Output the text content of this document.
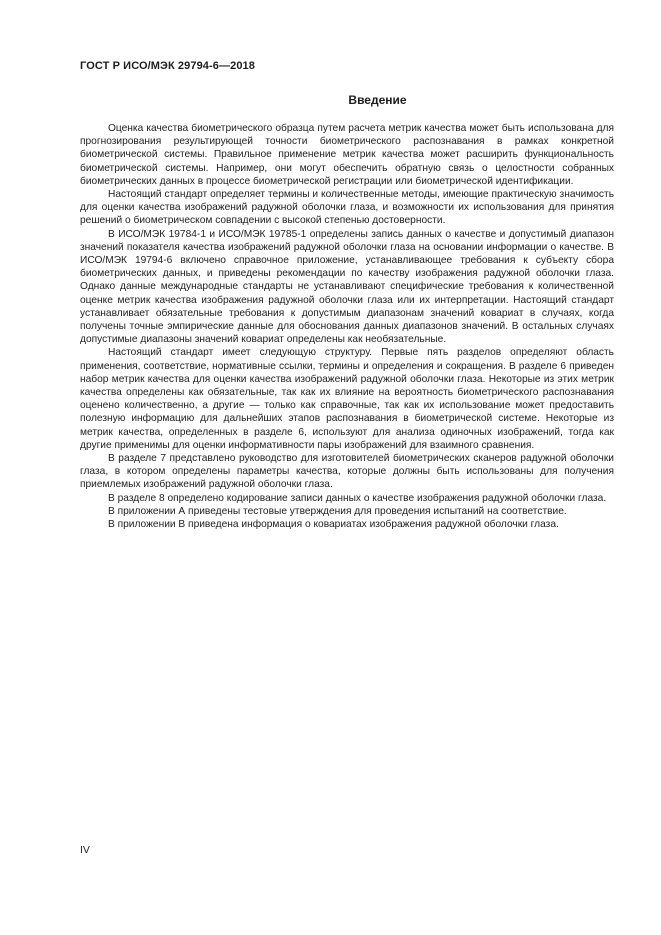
ГОСТ Р ИСО/МЭК 29794-6—2018
Введение

Оценка качества биометрического образца путем расчета метрик качества может быть использована для прогнозирования результирующей точности биометрического распознавания в рамках конкретной биометрической системы. Правильное применение метрик качества может расширить функциональность биометрической системы. Например, они могут обеспечить обратную связь о целостности собранных биометрических данных в процессе биометрической регистрации или биометрической идентификации.

Настоящий стандарт определяет термины и количественные методы, имеющие практическую значимость для оценки качества изображений радужной оболочки глаза, и возможности их использования для принятия решений о биометрическом совпадении с высокой степенью достоверности.

В ИСО/МЭК 19784-1 и ИСО/МЭК 19785-1 определены запись данных о качестве и допустимый диапазон значений показателя качества изображений радужной оболочки глаза на основании информации о качестве. В ИСО/МЭК 19794-6 включено справочное приложение, устанавливающее требования к субъекту сбора биометрических данных, и приведены рекомендации по качеству изображения радужной оболочки глаза. Однако данные международные стандарты не устанавливают специфические требования к количественной оценке метрик качества изображения радужной оболочки глаза или их интерпретации. Настоящий стандарт устанавливает обязательные требования к допустимым диапазонам значений ковариат в случаях, когда получены точные эмпирические данные для обоснования данных диапазонов значений. В остальных случаях допустимые диапазоны значений ковариат определены как необязательные.

Настоящий стандарт имеет следующую структуру. Первые пять разделов определяют область применения, соответствие, нормативные ссылки, термины и определения и сокращения. В разделе 6 приведен набор метрик качества для оценки качества изображений радужной оболочки глаза. Некоторые из этих метрик качества определены как обязательные, так как их влияние на вероятность биометрического распознавания оценено количественно, а другие — только как справочные, так как их использование может предоставить полезную информацию для дальнейших этапов распознавания в биометрической системе. Некоторые из метрик качества, определенных в разделе 6, используют для анализа одиночных изображений, тогда как другие применимы для оценки информативности пары изображений для взаимного сравнения.

В разделе 7 представлено руководство для изготовителей биометрических сканеров радужной оболочки глаза, в котором определены параметры качества, которые должны быть использованы для получения приемлемых изображений радужной оболочки глаза.

В разделе 8 определено кодирование записи данных о качестве изображения радужной оболочки глаза.

В приложении А приведены тестовые утверждения для проведения испытаний на соответствие.

В приложении В приведена информация о ковариатах изображения радужной оболочки глаза.

IV
